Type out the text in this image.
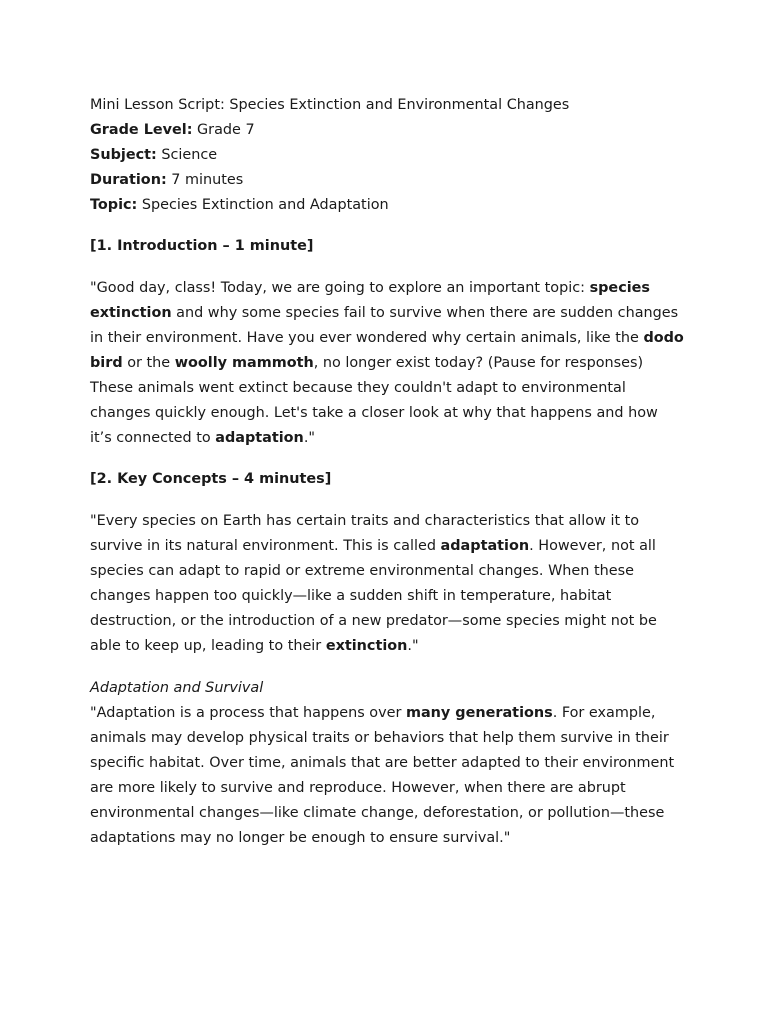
Mini Lesson Script: Species Extinction and Environmental Changes

Grade Level: Grade 7

Subject: Science

Duration: 7 minutes

Topic: Species Extinction and Adaptation

[1. Introduction – 1 minute]

"Good day, class! Today, we are going to explore an important topic: species extinction and why some species fail to survive when there are sudden changes in their environment. Have you ever wondered why certain animals, like the dodo bird or the woolly mammoth, no longer exist today? (Pause for responses)

These animals went extinct because they couldn't adapt to environmental changes quickly enough. Let's take a closer look at why that happens and how it’s connected to adaptation."

[2. Key Concepts – 4 minutes]

"Every species on Earth has certain traits and characteristics that allow it to survive in its natural environment. This is called adaptation. However, not all species can adapt to rapid or extreme environmental changes. When these changes happen too quickly—like a sudden shift in temperature, habitat destruction, or the introduction of a new predator—some species might not be able to keep up, leading to their extinction."

Adaptation and Survival

"Adaptation is a process that happens over many generations. For example, animals may develop physical traits or behaviors that help them survive in their specific habitat. Over time, animals that are better adapted to their environment are more likely to survive and reproduce. However, when there are abrupt environmental changes—like climate change, deforestation, or pollution—these adaptations may no longer be enough to ensure survival."
